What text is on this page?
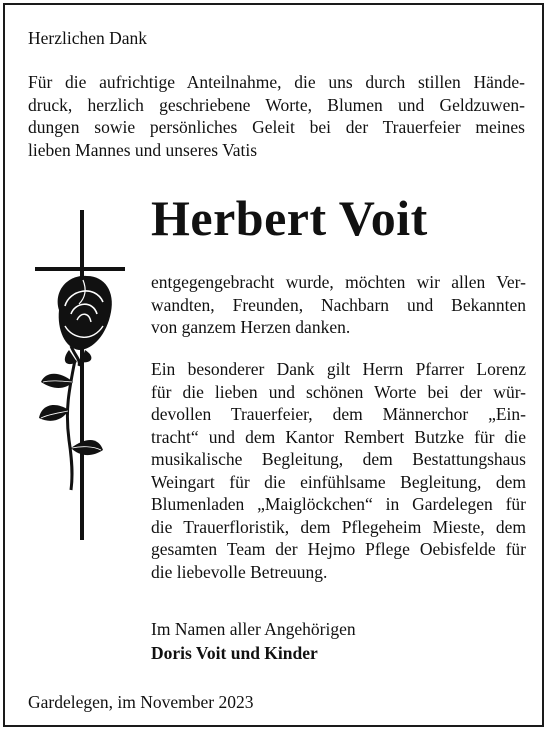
Herzlichen Dank
Für die aufrichtige Anteilnahme, die uns durch stillen Hände-
druck, herzlich geschriebene Worte, Blumen und Geldzuwen-
dungen sowie persönliches Geleit bei der Trauerfeier meines
lieben Mannes und unseres Vatis
Herbert Voit
entgegengebracht wurde, möchten wir allen Ver-
wandten, Freunden, Nachbarn und Bekannten
von ganzem Herzen danken.
Ein besonderer Dank gilt Herrn Pfarrer Lorenz
für die lieben und schönen Worte bei der wür-
devollen Trauerfeier, dem Männerchor „Ein-
tracht“ und dem Kantor Rembert Butzke für die
musikalische Begleitung, dem Bestattungshaus
Weingart für die einfühlsame Begleitung, dem
Blumenladen „Maiglöckchen“ in Gardelegen für
die Trauerfloristik, dem Pflegeheim Mieste, dem
gesamten Team der Hejmo Pflege Oebisfelde für
die liebevolle Betreuung.
Im Namen aller Angehörigen
Doris Voit und Kinder
Gardelegen, im November 2023
